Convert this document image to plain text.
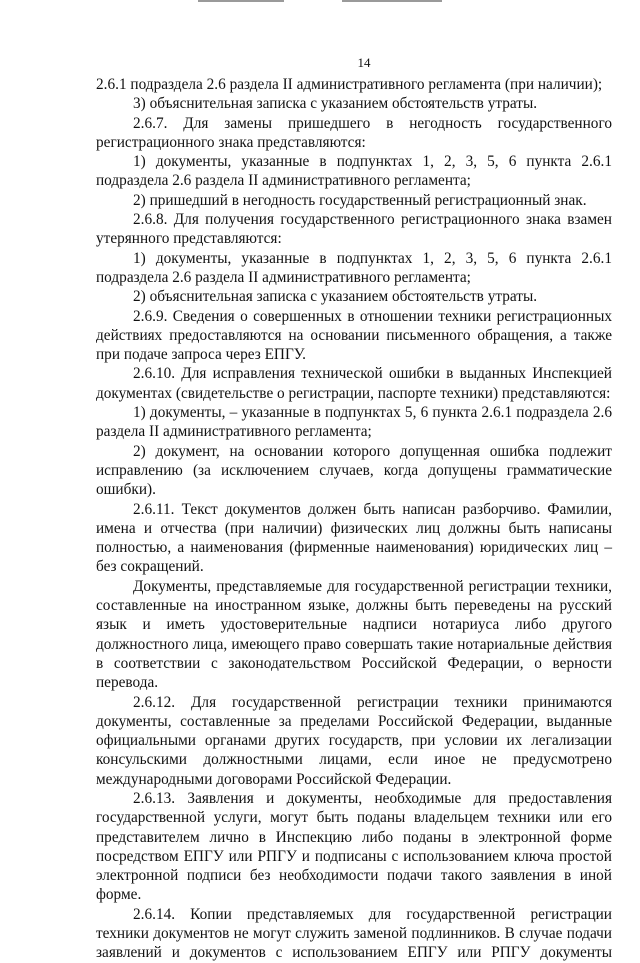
14

2.6.1 подраздела 2.6 раздела II административного регламента (при наличии);

3) объяснительная записка с указанием обстоятельств утраты.

2.6.7. Для замены пришедшего в негодность государственного регистрационного знака представляются:

1) документы, указанные в подпунктах 1, 2, 3, 5, 6 пункта 2.6.1 подраздела 2.6 раздела II административного регламента;

2) пришедший в негодность государственный регистрационный знак.

2.6.8. Для получения государственного регистрационного знака взамен утерянного представляются:

1) документы, указанные в подпунктах 1, 2, 3, 5, 6 пункта 2.6.1 подраздела 2.6 раздела II административного регламента;

2) объяснительная записка с указанием обстоятельств утраты.

2.6.9. Сведения о совершенных в отношении техники регистрационных действиях предоставляются на основании письменного обращения, а также при подаче запроса через ЕПГУ.

2.6.10. Для исправления технической ошибки в выданных Инспекцией документах (свидетельстве о регистрации, паспорте техники) представляются:

1) документы, – указанные в подпунктах 5, 6 пункта 2.6.1 подраздела 2.6 раздела II административного регламента;

2) документ, на основании которого допущенная ошибка подлежит исправлению (за исключением случаев, когда допущены грамматические ошибки).

2.6.11. Текст документов должен быть написан разборчиво. Фамилии, имена и отчества (при наличии) физических лиц должны быть написаны полностью, а наименования (фирменные наименования) юридических лиц – без сокращений.

Документы, представляемые для государственной регистрации техники, составленные на иностранном языке, должны быть переведены на русский язык и иметь удостоверительные надписи нотариуса либо другого должностного лица, имеющего право совершать такие нотариальные действия в соответствии с законодательством Российской Федерации, о верности перевода.

2.6.12. Для государственной регистрации техники принимаются документы, составленные за пределами Российской Федерации, выданные официальными органами других государств, при условии их легализации консульскими должностными лицами, если иное не предусмотрено международными договорами Российской Федерации.

2.6.13. Заявления и документы, необходимые для предоставления государственной услуги, могут быть поданы владельцем техники или его представителем лично в Инспекцию либо поданы в электронной форме посредством ЕПГУ или РПГУ и подписаны с использованием ключа простой электронной подписи без необходимости подачи такого заявления в иной форме.

2.6.14. Копии представляемых для государственной регистрации техники документов не могут служить заменой подлинников. В случае подачи заявлений и документов с использованием ЕПГУ или РПГУ документы
